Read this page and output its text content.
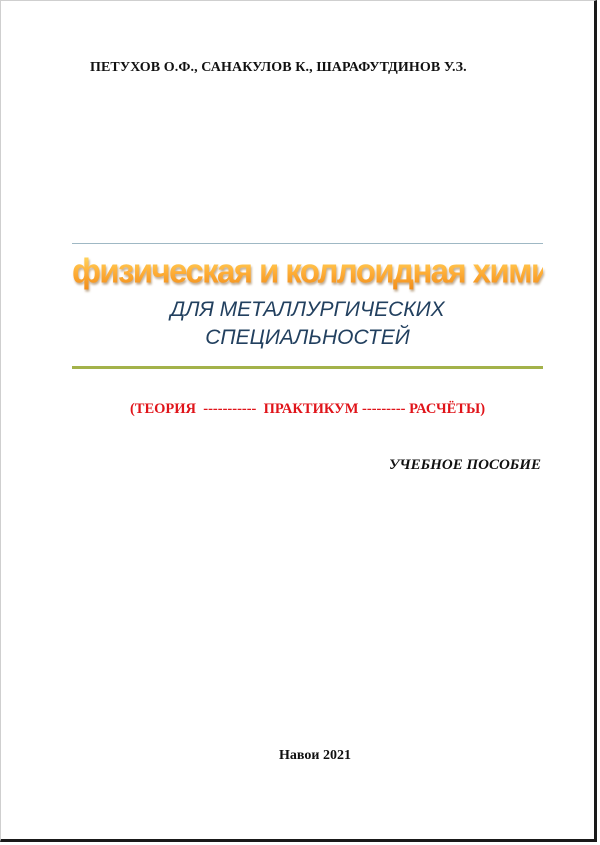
ПЕТУХОВ О.Ф., САНАКУЛОВ К., ШАРАФУТДИНОВ У.З.
физическая и коллоидная химия
ДЛЯ МЕТАЛЛУРГИЧЕСКИХ
СПЕЦИАЛЬНОСТЕЙ
(ТЕОРИЯ  -----------  ПРАКТИКУМ --------- РАСЧЁТЫ)
УЧЕБНОЕ ПОСОБИЕ
Навои 2021
